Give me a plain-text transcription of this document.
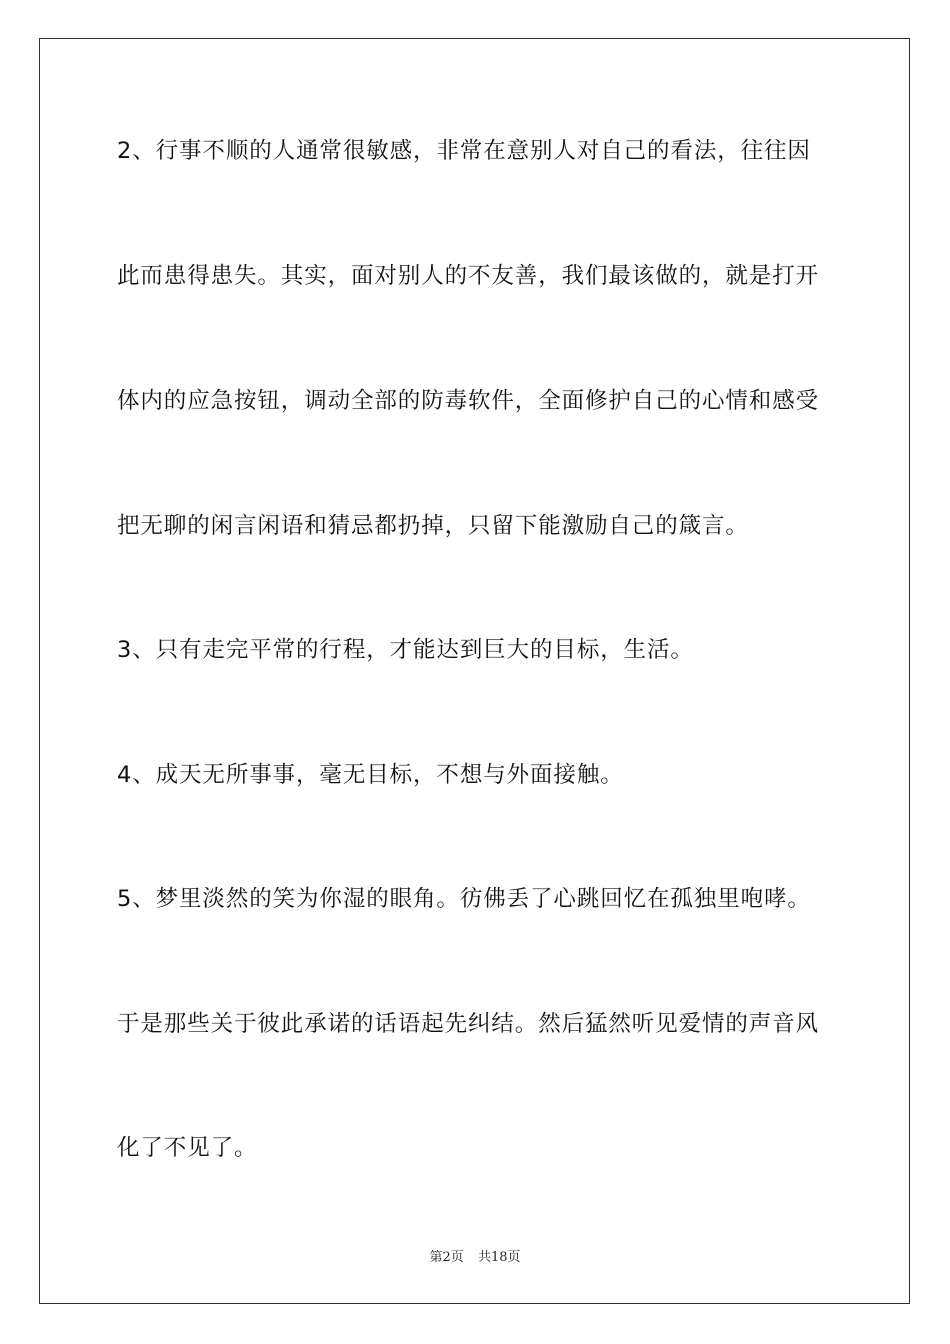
2、行事不顺的人通常很敏感，非常在意别人对自己的看法，往往因

此而患得患失。其实，面对别人的不友善，我们最该做的，就是打开

体内的应急按钮，调动全部的防毒软件，全面修护自己的心情和感受

把无聊的闲言闲语和猜忌都扔掉，只留下能激励自己的箴言。

3、只有走完平常的行程，才能达到巨大的目标，生活。

4、成天无所事事，毫无目标，不想与外面接触。

5、梦里淡然的笑为你湿的眼角。彷佛丢了心跳回忆在孤独里咆哮。

于是那些关于彼此承诺的话语起先纠结。然后猛然听见爱情的声音风

化了不见了。

第2页 共18页
